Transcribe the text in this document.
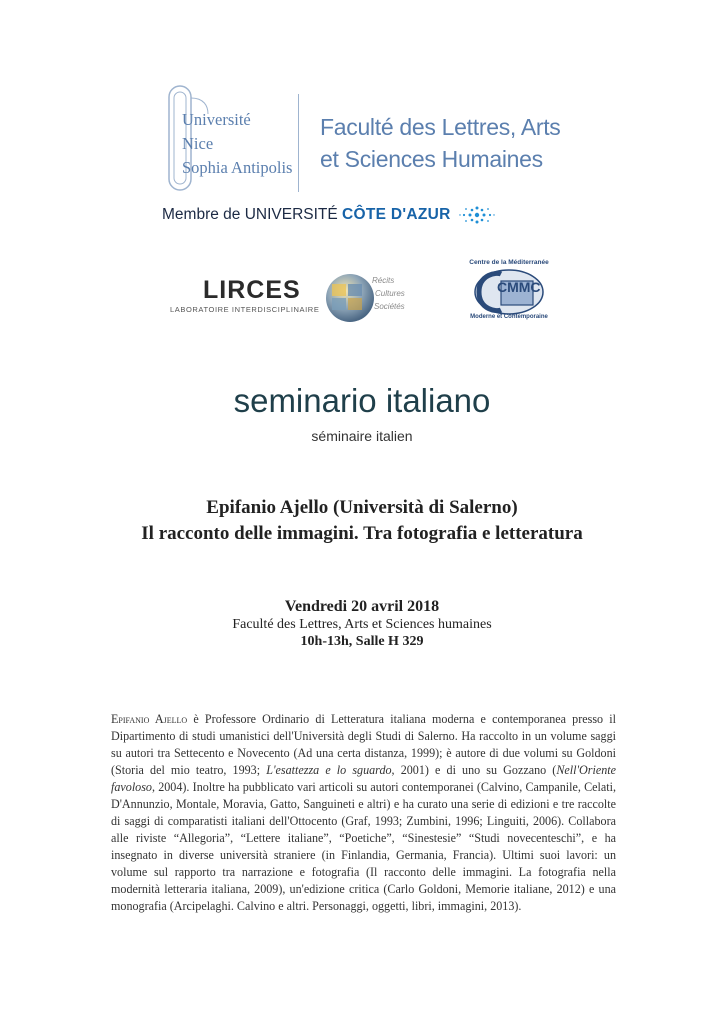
Université
Nice
Sophia Antipolis
Faculté des Lettres, Arts
et Sciences Humaines
Membre de UNIVERSITÉ CÔTE D'AZUR
LIRCES
LABORATOIRE INTERDISCIPLINAIRE
Récits
Cultures
Sociétés
Centre de la Méditerranée
CMMC
Moderne et Contemporaine
seminario italiano
séminaire italien
Epifanio Ajello (Università di Salerno)
Il racconto delle immagini. Tra fotografia e letteratura
Vendredi 20 avril 2018
Faculté des Lettres, Arts et Sciences humaines
10h-13h, Salle H 329
Epifanio Ajello è Professore Ordinario di Letteratura italiana moderna e contemporanea presso il Dipartimento di studi umanistici dell'Università degli Studi di Salerno. Ha raccolto in un volume saggi su autori tra Settecento e Novecento (Ad una certa distanza, 1999); è autore di due volumi su Goldoni (Storia del mio teatro, 1993; L'esattezza e lo sguardo, 2001) e di uno su Gozzano (Nell'Oriente favoloso, 2004). Inoltre ha pubblicato vari articoli su autori contemporanei (Calvino, Campanile, Celati, D'Annunzio, Montale, Moravia, Gatto, Sanguineti e altri) e ha curato una serie di edizioni e tre raccolte di saggi di comparatisti italiani dell'Ottocento (Graf, 1993; Zumbini, 1996; Linguiti, 2006). Collabora alle riviste “Allegoria”, “Lettere italiane”, “Poetiche”, “Sinestesie” “Studi novecenteschi”, e ha insegnato in diverse università straniere (in Finlandia, Germania, Francia). Ultimi suoi lavori: un volume sul rapporto tra narrazione e fotografia (Il racconto delle immagini. La fotografia nella modernità letteraria italiana, 2009), un'edizione critica (Carlo Goldoni, Memorie italiane, 2012) e una monografia (Arcipelaghi. Calvino e altri. Personaggi, oggetti, libri, immagini, 2013).
